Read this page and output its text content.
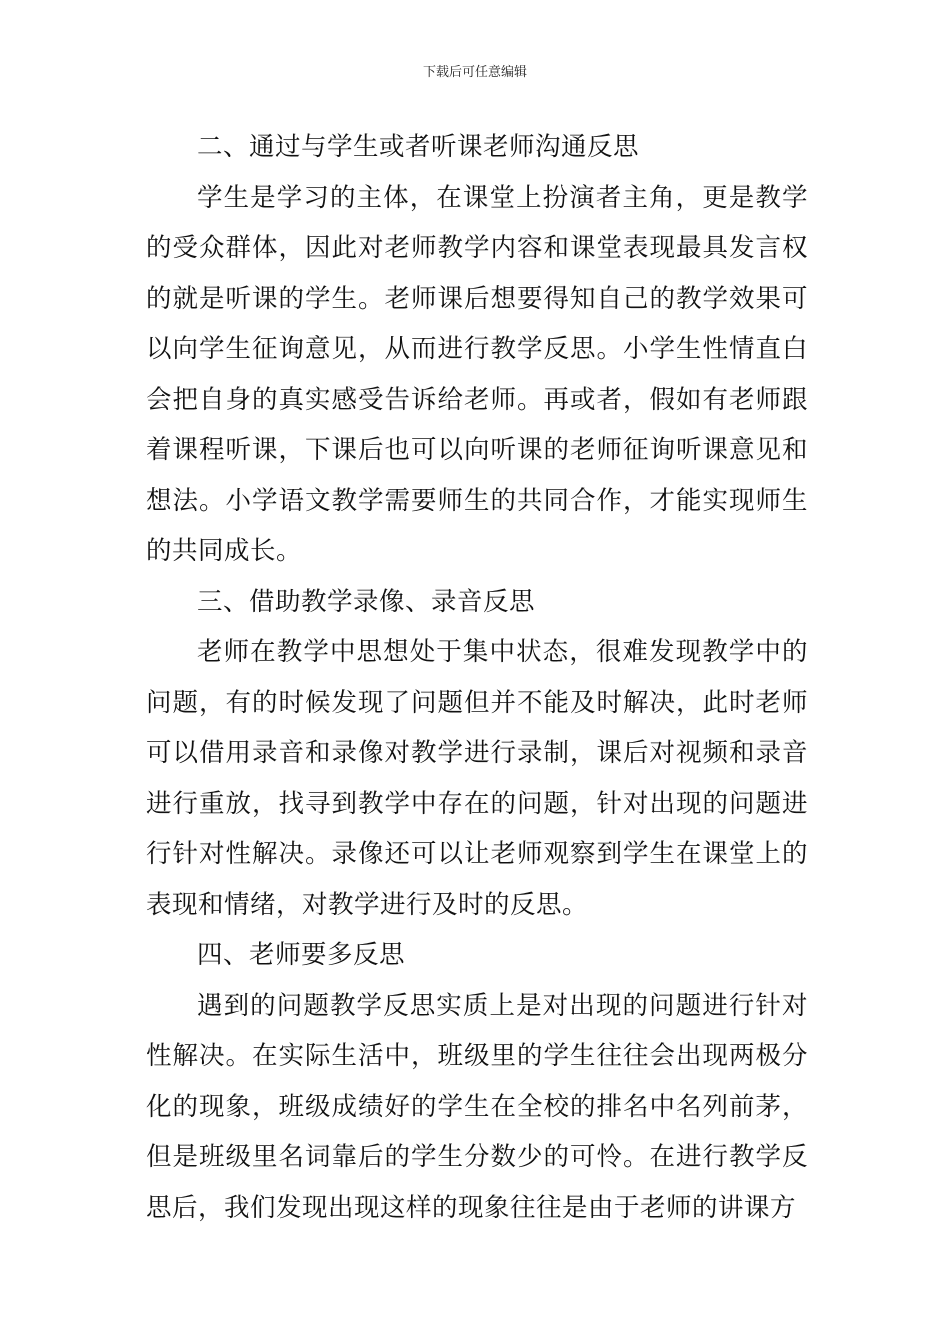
下载后可任意编辑

二、通过与学生或者听课老师沟通反思

学生是学习的主体，在课堂上扮演者主角，更是教学的受众群体，因此对老师教学内容和课堂表现最具发言权的就是听课的学生。老师课后想要得知自己的教学效果可以向学生征询意见，从而进行教学反思。小学生性情直白会把自身的真实感受告诉给老师。再或者，假如有老师跟着课程听课，下课后也可以向听课的老师征询听课意见和想法。小学语文教学需要师生的共同合作，才能实现师生的共同成长。

三、借助教学录像、录音反思

老师在教学中思想处于集中状态，很难发现教学中的问题，有的时候发现了问题但并不能及时解决，此时老师可以借用录音和录像对教学进行录制，课后对视频和录音进行重放，找寻到教学中存在的问题，针对出现的问题进行针对性解决。录像还可以让老师观察到学生在课堂上的表现和情绪，对教学进行及时的反思。

四、老师要多反思

遇到的问题教学反思实质上是对出现的问题进行针对性解决。在实际生活中，班级里的学生往往会出现两极分化的现象，班级成绩好的学生在全校的排名中名列前茅，但是班级里名词靠后的学生分数少的可怜。在进行教学反思后，我们发现出现这样的现象往往是由于老师的讲课方
